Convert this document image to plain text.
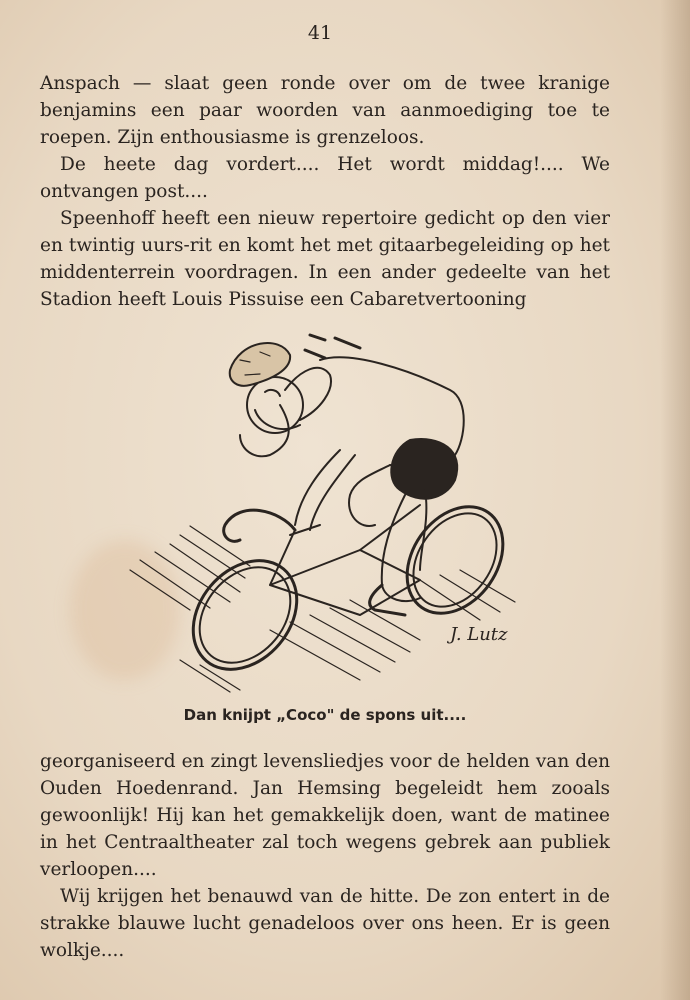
41

Anspach — slaat geen ronde over om de twee kranige benjamins een paar woorden van aanmoediging toe te roepen. Zijn enthousiasme is grenzeloos.

De heete dag vordert.... Het wordt middag!.... We ontvangen post....

Speenhoff heeft een nieuw repertoire gedicht op den vier en twintig uurs-rit en komt het met gitaarbegeleiding op het middenterrein voordragen. In een ander gedeelte van het Stadion heeft Louis Pissuise een Cabaretvertooning

J. Lutz
Dan knijpt „Coco" de spons uit....

georganiseerd en zingt levensliedjes voor de helden van den Ouden Hoedenrand. Jan Hemsing begeleidt hem zooals gewoonlijk! Hij kan het gemakkelijk doen, want de matinee in het Centraaltheater zal toch wegens gebrek aan publiek verloopen....

Wij krijgen het benauwd van de hitte. De zon entert in de strakke blauwe lucht genadeloos over ons heen. Er is geen wolkje....
